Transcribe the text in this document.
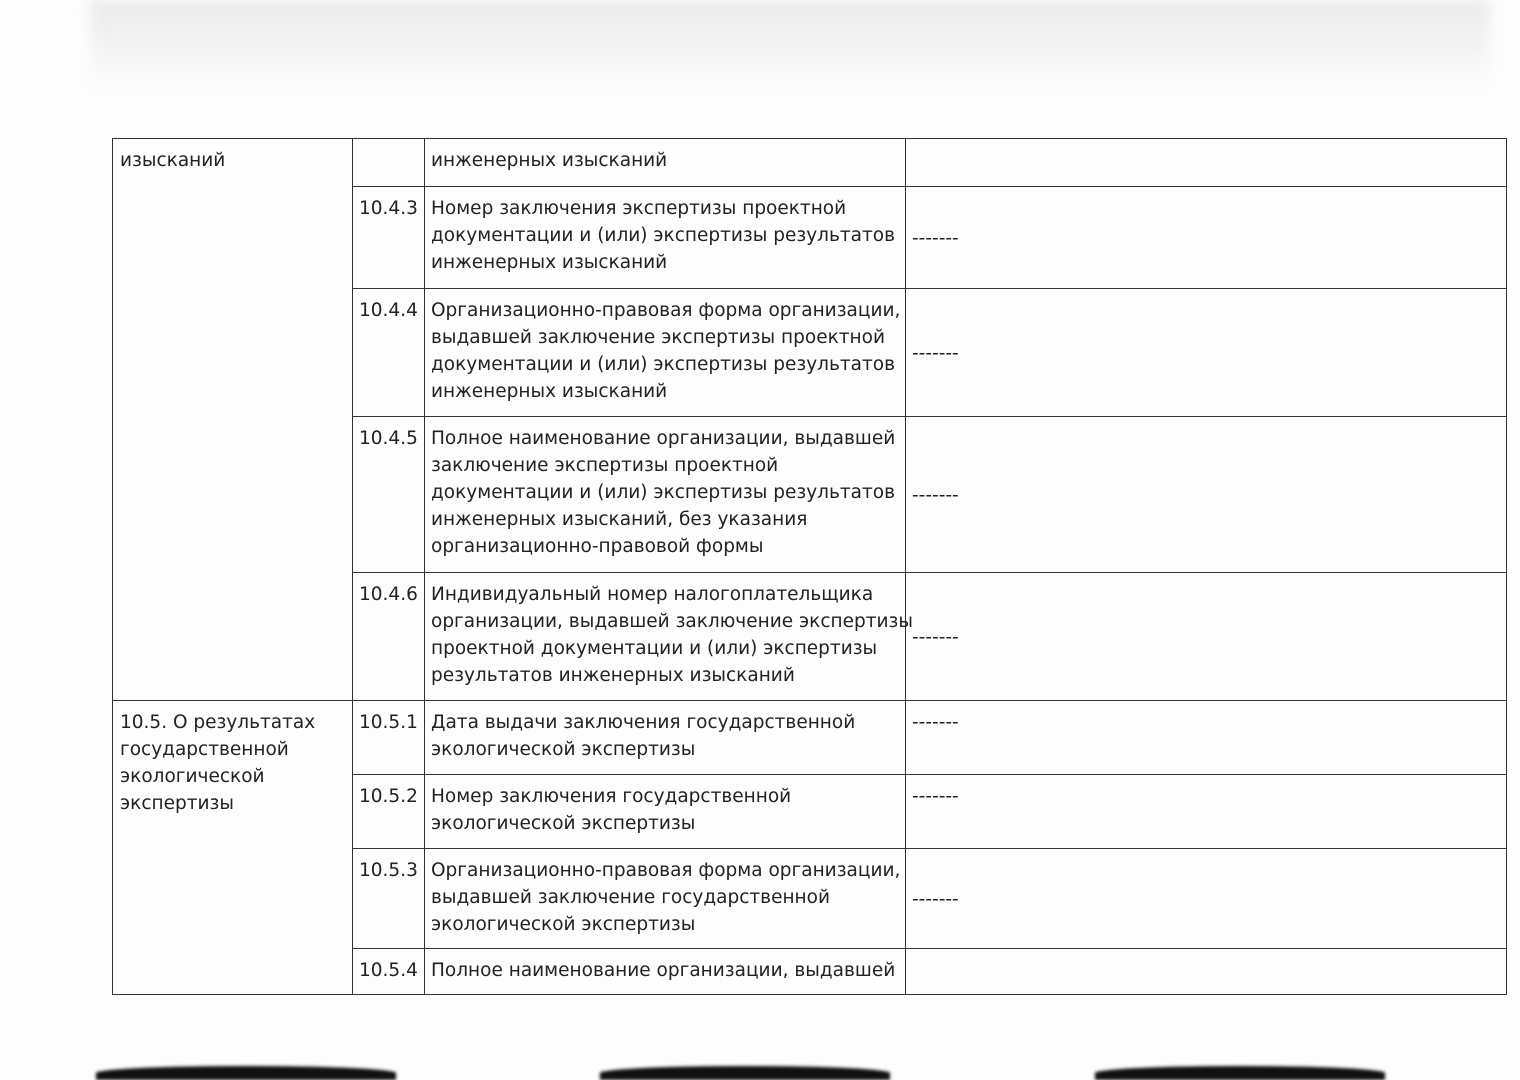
изысканий		инженерных изысканий	

	10.4.3	Номер заключения экспертизы проектной
документации и (или) экспертизы результатов
инженерных изысканий	-------
	10.4.4	Организационно-правовая форма организации,
выдавшей заключение экспертизы проектной
документации и (или) экспертизы результатов
инженерных изысканий	-------
	10.4.5	Полное наименование организации, выдавшей
заключение экспертизы проектной
документации и (или) экспертизы результатов
инженерных изысканий, без указания
организационно-правовой формы	-------
	10.4.6	Индивидуальный номер налогоплательщика
организации, выдавшей заключение экспертизы
проектной документации и (или) экспертизы
результатов инженерных изысканий	-------

10.5. О результатах
государственной
экологической
экспертизы	10.5.1	Дата выдачи заключения государственной
экологической экспертизы	-------
	10.5.2	Номер заключения государственной
экологической экспертизы	-------
	10.5.3	Организационно-правовая форма организации,
выдавшей заключение государственной
экологической экспертизы	-------
	10.5.4	Полное наименование организации, выдавшей	
